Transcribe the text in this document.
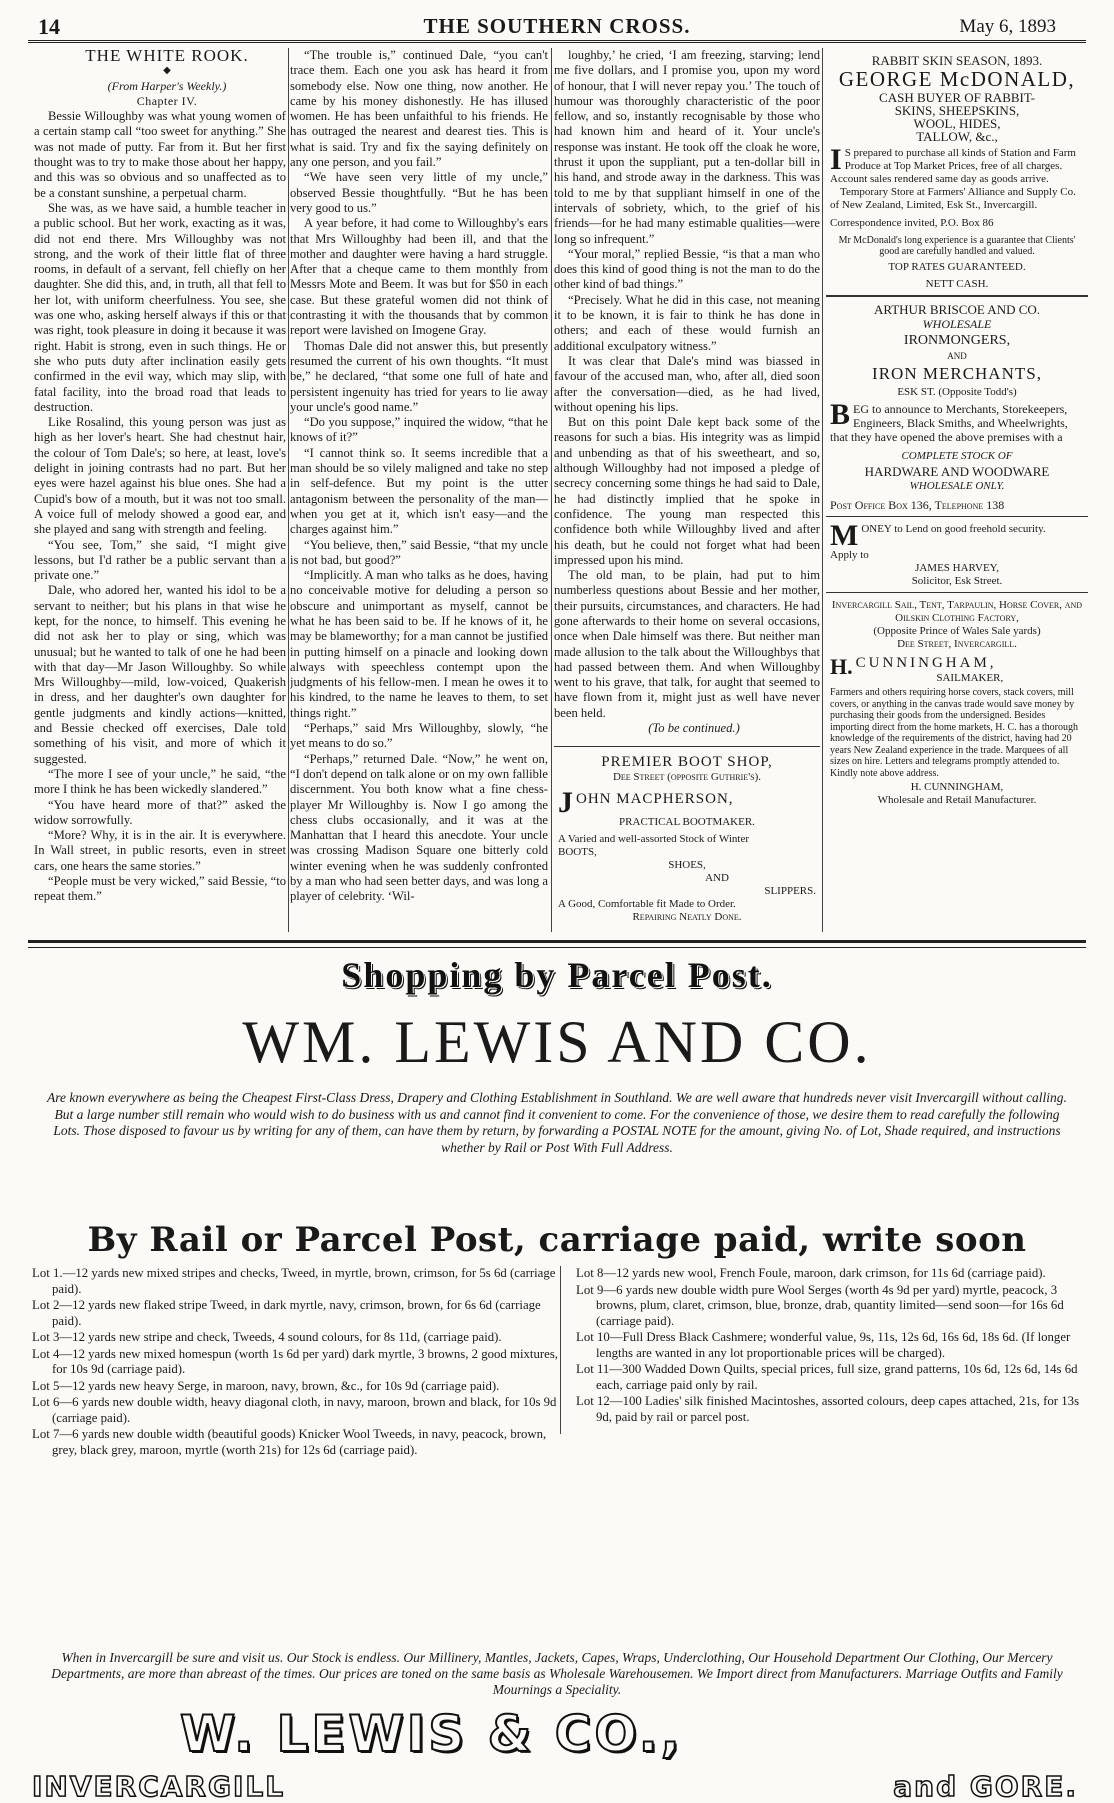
14	THE SOUTHERN CROSS.	May 6, 1893

THE WHITE ROOK.

◆

(From Harper's Weekly.)

Chapter IV.

Bessie Willoughby was what young women of a certain stamp call “too sweet for anything.” She was not made of putty. Far from it. But her first thought was to try to make those about her happy, and this was so obvious and so unaffected as to be a constant sunshine, a perpetual charm.

She was, as we have said, a humble teacher in a public school. But her work, exacting as it was, did not end there. Mrs Willoughby was not strong, and the work of their little flat of three rooms, in default of a servant, fell chiefly on her daughter. She did this, and, in truth, all that fell to her lot, with uniform cheerfulness. You see, she was one who, asking herself always if this or that was right, took pleasure in doing it because it was right. Habit is strong, even in such things. He or she who puts duty after inclination easily gets confirmed in the evil way, which may slip, with fatal facility, into the broad road that leads to destruction.

Like Rosalind, this young person was just as high as her lover's heart. She had chestnut hair, the colour of Tom Dale's; so here, at least, love's delight in joining contrasts had no part. But her eyes were hazel against his blue ones. She had a Cupid's bow of a mouth, but it was not too small. A voice full of melody showed a good ear, and she played and sang with strength and feeling.

“You see, Tom,” she said, “I might give lessons, but I'd rather be a public servant than a private one.”

Dale, who adored her, wanted his idol to be a servant to neither; but his plans in that wise he kept, for the nonce, to himself. This evening he did not ask her to play or sing, which was unusual; but he wanted to talk of one he had been with that day—Mr Jason Willoughby. So while Mrs Willoughby—mild, low-voiced, Quakerish in dress, and her daughter's own daughter for gentle judgments and kindly actions—knitted, and Bessie checked off exercises, Dale told something of his visit, and more of which it suggested.

“The more I see of your uncle,” he said, “the more I think he has been wickedly slandered.”

“You have heard more of that?” asked the widow sorrowfully.

“More? Why, it is in the air. It is everywhere. In Wall street, in public resorts, even in street cars, one hears the same stories.”

“People must be very wicked,” said Bessie, “to repeat them.”

“The trouble is,” continued Dale, “you can't trace them. Each one you ask has heard it from somebody else. Now one thing, now another. He came by his money dishonestly. He has illused women. He has been unfaithful to his friends. He has outraged the nearest and dearest ties. This is what is said. Try and fix the saying definitely on any one person, and you fail.”

“We have seen very little of my uncle,” observed Bessie thoughtfully. “But he has been very good to us.”

A year before, it had come to Willoughby's ears that Mrs Willoughby had been ill, and that the mother and daughter were having a hard struggle. After that a cheque came to them monthly from Messrs Mote and Beem. It was but for $50 in each case. But these grateful women did not think of contrasting it with the thousands that by common report were lavished on Imogene Gray.

Thomas Dale did not answer this, but presently resumed the current of his own thoughts. “It must be,” he declared, “that some one full of hate and persistent ingenuity has tried for years to lie away your uncle's good name.”

“Do you suppose,” inquired the widow, “that he knows of it?”

“I cannot think so. It seems incredible that a man should be so vilely maligned and take no step in self-defence. But my point is the utter antagonism between the personality of the man—when you get at it, which isn't easy—and the charges against him.”

“You believe, then,” said Bessie, “that my uncle is not bad, but good?”

“Implicitly. A man who talks as he does, having no conceivable motive for deluding a person so obscure and unimportant as myself, cannot be what he has been said to be. If he knows of it, he may be blameworthy; for a man cannot be justified in putting himself on a pinacle and looking down always with speechless contempt upon the judgments of his fellow-men. I mean he owes it to his kindred, to the name he leaves to them, to set things right.”

“Perhaps,” said Mrs Willoughby, slowly, “he yet means to do so.”

“Perhaps,” returned Dale. “Now,” he went on, “I don't depend on talk alone or on my own fallible discernment. You both know what a fine chess-player Mr Willoughby is. Now I go among the chess clubs occasionally, and it was at the Manhattan that I heard this anecdote. Your uncle was crossing Madison Square one bitterly cold winter evening when he was suddenly confronted by a man who had seen better days, and was long a player of celebrity. ‘Wil-

loughby,’ he cried, ‘I am freezing, starving; lend me five dollars, and I promise you, upon my word of honour, that I will never repay you.’ The touch of humour was thoroughly characteristic of the poor fellow, and so, instantly recognisable by those who had known him and heard of it. Your uncle's response was instant. He took off the cloak he wore, thrust it upon the suppliant, put a ten-dollar bill in his hand, and strode away in the darkness. This was told to me by that suppliant himself in one of the intervals of sobriety, which, to the grief of his friends—for he had many estimable qualities—were long so infrequent.”

“Your moral,” replied Bessie, “is that a man who does this kind of good thing is not the man to do the other kind of bad things.”

“Precisely. What he did in this case, not meaning it to be known, it is fair to think he has done in others; and each of these would furnish an additional exculpatory witness.”

It was clear that Dale's mind was biassed in favour of the accused man, who, after all, died soon after the conversation—died, as he had lived, without opening his lips.

But on this point Dale kept back some of the reasons for such a bias. His integrity was as limpid and unbending as that of his sweetheart, and so, although Willoughby had not imposed a pledge of secrecy concerning some things he had said to Dale, he had distinctly implied that he spoke in confidence. The young man respected this confidence both while Willoughby lived and after his death, but he could not forget what had been impressed upon his mind.

The old man, to be plain, had put to him numberless questions about Bessie and her mother, their pursuits, circumstances, and characters. He had gone afterwards to their home on several occasions, once when Dale himself was there. But neither man made allusion to the talk about the Willoughbys that had passed between them. And when Willoughby went to his grave, that talk, for aught that seemed to have flown from it, might just as well have never been held.

(To be continued.)

PREMIER BOOT SHOP,

Dee Street (opposite Guthrie's).

JOHN MACPHERSON,

PRACTICAL BOOTMAKER.

A Varied and well-assorted Stock of Winter

BOOTS,

SHOES,

AND

SLIPPERS.

A Good, Comfortable fit Made to Order.

Repairing Neatly Done.

RABBIT SKIN SEASON, 1893.

GEORGE McDONALD,

CASH BUYER OF RABBIT-

SKINS, SHEEPSKINS,

WOOL, HIDES,

TALLOW, &c.,

I S prepared to purchase all kinds of Station and Farm Produce at Top Market Prices, free of all charges. Account sales rendered same day as goods arrive.

Temporary Store at Farmers' Alliance and Supply Co. of New Zealand, Limited, Esk St., Invercargill.

Correspondence invited, P.O. Box 86

Mr McDonald's long experience is a guarantee that Clients' good are carefully handled and valued.

TOP RATES GUARANTEED.

NETT CASH.

ARTHUR BRISCOE AND CO.

WHOLESALE

IRONMONGERS,

AND

IRON MERCHANTS,

ESK ST. (Opposite Todd's)

BEG to announce to Merchants, Storekeepers, Engineers, Black Smiths, and Wheelwrights, that they have opened the above premises with a

COMPLETE STOCK OF

HARDWARE AND WOODWARE

WHOLESALE ONLY.

Post Office Box 136, Telephone 138

MONEY to Lend on good freehold security.

Apply to

JAMES HARVEY,

Solicitor, Esk Street.

Invercargill Sail, Tent, Tarpaulin, Horse Cover, and Oilskin Clothing Factory,

(Opposite Prince of Wales Sale yards)

Dee Street, Invercargill.

H. CUNNINGHAM,

SAILMAKER,

Farmers and others requiring horse covers, stack covers, mill covers, or anything in the canvas trade would save money by purchasing their goods from the undersigned. Besides importing direct from the home markets, H. C. has a thorough knowledge of the requirements of the district, having had 20 years New Zealand experience in the trade. Marquees of all sizes on hire. Letters and telegrams promptly attended to. Kindly note above address.

H. CUNNINGHAM,

Wholesale and Retail Manufacturer.

Shopping by Parcel Post.
WM. LEWIS AND CO.
Are known everywhere as being the Cheapest First-Class Dress, Drapery and Clothing Establishment in Southland. We are well aware that hundreds never visit Invercargill without calling. But a large number still remain who would wish to do business with us and cannot find it convenient to come. For the convenience of those, we desire them to read carefully the following Lots. Those disposed to favour us by writing for any of them, can have them by return, by forwarding a POSTAL NOTE for the amount, giving No. of Lot, Shade required, and instructions whether by Rail or Post With Full Address.
By Rail or Parcel Post, carriage paid, write soon

Lot 1.—12 yards new mixed stripes and checks, Tweed, in myrtle, brown, crimson, for 5s 6d (carriage paid).

Lot 2—12 yards new flaked stripe Tweed, in dark myrtle, navy, crimson, brown, for 6s 6d (carriage paid).

Lot 3—12 yards new stripe and check, Tweeds, 4 sound colours, for 8s 11d, (carriage paid).

Lot 4—12 yards new mixed homespun (worth 1s 6d per yard) dark myrtle, 3 browns, 2 good mixtures, for 10s 9d (carriage paid).

Lot 5—12 yards new heavy Serge, in maroon, navy, brown, &c., for 10s 9d (carriage paid).

Lot 6—6 yards new double width, heavy diagonal cloth, in navy, maroon, brown and black, for 10s 9d (carriage paid).

Lot 7—6 yards new double width (beautiful goods) Knicker Wool Tweeds, in navy, peacock, brown, grey, black grey, maroon, myrtle (worth 21s) for 12s 6d (carriage paid).

Lot 8—12 yards new wool, French Foule, maroon, dark crimson, for 11s 6d (carriage paid).

Lot 9—6 yards new double width pure Wool Serges (worth 4s 9d per yard) myrtle, peacock, 3 browns, plum, claret, crimson, blue, bronze, drab, quantity limited—send soon—for 16s 6d (carriage paid).

Lot 10—Full Dress Black Cashmere; wonderful value, 9s, 11s, 12s 6d, 16s 6d, 18s 6d. (If longer lengths are wanted in any lot proportionable prices will be charged).

Lot 11—300 Wadded Down Quilts, special prices, full size, grand patterns, 10s 6d, 12s 6d, 14s 6d each, carriage paid only by rail.

Lot 12—100 Ladies' silk finished Macintoshes, assorted colours, deep capes attached, 21s, for 13s 9d, paid by rail or parcel post.

When in Invercargill be sure and visit us. Our Stock is endless. Our Millinery, Mantles, Jackets, Capes, Wraps, Underclothing, Our Household Department Our Clothing, Our Mercery Departments, are more than abreast of the times. Our prices are toned on the same basis as Wholesale Warehousemen. We Import direct from Manufacturers. Marriage Outfits and Family Mournings a Speciality.
W. LEWIS & CO.,
INVERCARGILL	and GORE.
